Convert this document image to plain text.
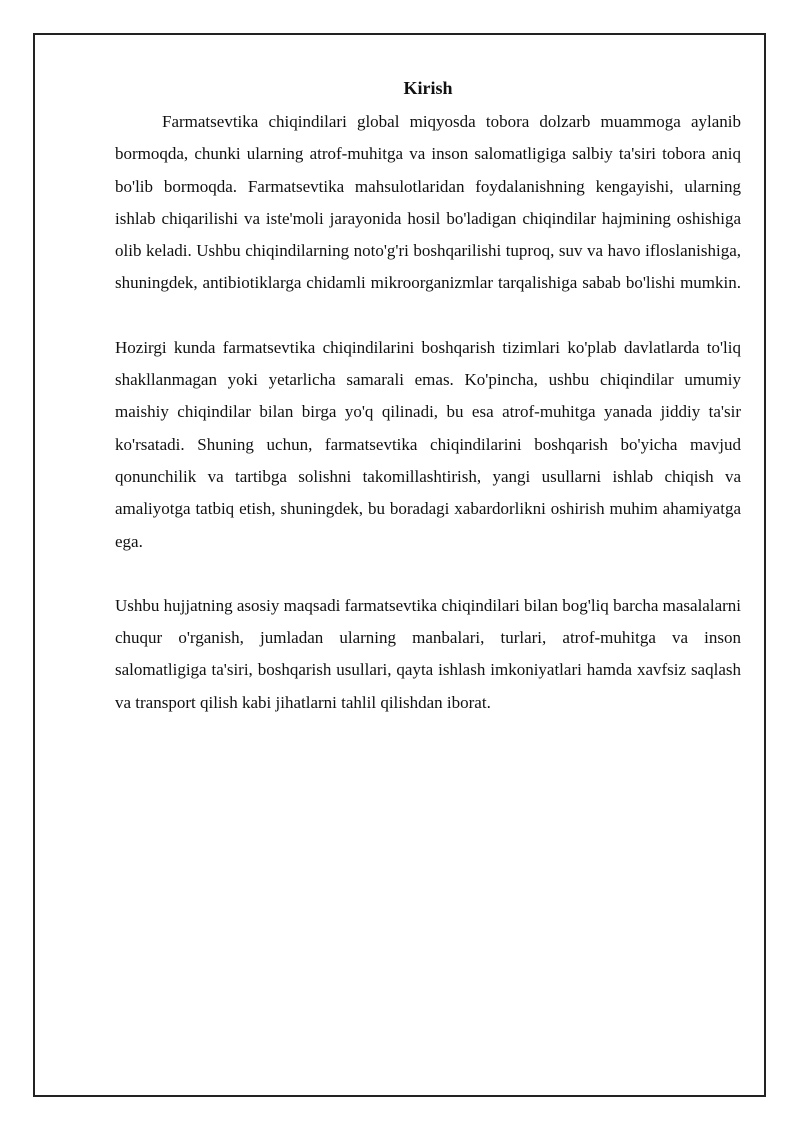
Kirish

Farmatsevtika chiqindilari global miqyosda tobora dolzarb muammoga aylanib bormoqda, chunki ularning atrof-muhitga va inson salomatligiga salbiy ta'siri tobora aniq bo'lib bormoqda. Farmatsevtika mahsulotlaridan foydalanishning kengayishi, ularning ishlab chiqarilishi va iste'moli jarayonida hosil bo'ladigan chiqindilar hajmining oshishiga olib keladi. Ushbu chiqindilarning noto'g'ri boshqarilishi tuproq, suv va havo ifloslanishiga, shuningdek, antibiotiklarga chidamli mikroorganizmlar tarqalishiga sabab bo'lishi mumkin.

Hozirgi kunda farmatsevtika chiqindilarini boshqarish tizimlari ko'plab davlatlarda to'liq shakllanmagan yoki yetarlicha samarali emas. Ko'pincha, ushbu chiqindilar umumiy maishiy chiqindilar bilan birga yo'q qilinadi, bu esa atrof-muhitga yanada jiddiy ta'sir ko'rsatadi. Shuning uchun, farmatsevtika chiqindilarini boshqarish bo'yicha mavjud qonunchilik va tartibga solishni takomillashtirish, yangi usullarni ishlab chiqish va amaliyotga tatbiq etish, shuningdek, bu boradagi xabardorlikni oshirish muhim ahamiyatga ega.

Ushbu hujjatning asosiy maqsadi farmatsevtika chiqindilari bilan bog'liq barcha masalalarni chuqur o'rganish, jumladan ularning manbalari, turlari, atrof-muhitga va inson salomatligiga ta'siri, boshqarish usullari, qayta ishlash imkoniyatlari hamda xavfsiz saqlash va transport qilish kabi jihatlarni tahlil qilishdan iborat.
